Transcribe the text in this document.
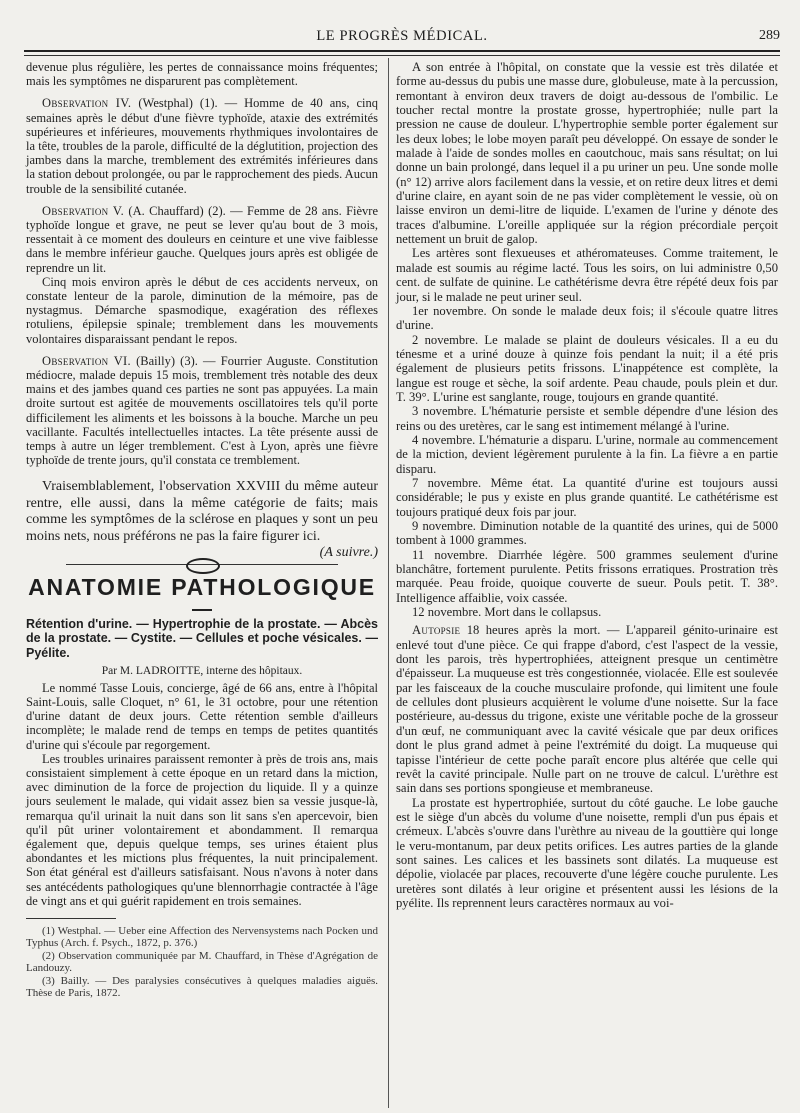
LE PROGRÈS MÉDICAL.	289

devenue plus régulière, les pertes de connaissance moins fréquentes; mais les symptômes ne disparurent pas complètement.

Observation IV. (Westphal) (1). — Homme de 40 ans, cinq semaines après le début d'une fièvre typhoïde, ataxie des extrémités supérieures et inférieures, mouvements rhythmiques involontaires de la tête, troubles de la parole, difficulté de la déglutition, projection des jambes dans la marche, tremblement des extrémités inférieures dans la station debout prolongée, ou par le rapprochement des pieds. Aucun trouble de la sensibilité cutanée.

Observation V. (A. Chauffard) (2). — Femme de 28 ans. Fièvre typhoïde longue et grave, ne peut se lever qu'au bout de 3 mois, ressentait à ce moment des douleurs en ceinture et une vive faiblesse dans le membre inférieur gauche. Quelques jours après est obligée de reprendre un lit.

Cinq mois environ après le début de ces accidents nerveux, on constate lenteur de la parole, diminution de la mémoire, pas de nystagmus. Démarche spasmodique, exagération des réflexes rotuliens, épilepsie spinale; tremblement dans les mouvements volontaires disparaissant pendant le repos.

Observation VI. (Bailly) (3). — Fourrier Auguste. Constitution médiocre, malade depuis 15 mois, tremblement très notable des deux mains et des jambes quand ces parties ne sont pas appuyées. La main droite surtout est agitée de mouvements oscillatoires tels qu'il porte difficilement les aliments et les boissons à la bouche. Marche un peu vacillante. Facultés intellectuelles intactes. La tête présente aussi de temps à autre un léger tremblement. C'est à Lyon, après une fièvre typhoïde de trente jours, qu'il constata ce tremblement.

Vraisemblablement, l'observation XXVIII du même auteur rentre, elle aussi, dans la même catégorie de faits; mais comme les symptômes de la sclérose en plaques y sont un peu moins nets, nous préférons ne pas la faire figurer ici.
(A suivre.)

ANATOMIE PATHOLOGIQUE

Rétention d'urine. — Hypertrophie de la prostate. — Abcès de la prostate. — Cystite. — Cellules et poche vésicales. — Pyélite.

Par M. LADROITTE, interne des hôpitaux.

Le nommé Tasse Louis, concierge, âgé de 66 ans, entre à l'hôpital Saint-Louis, salle Cloquet, n° 61, le 31 octobre, pour une rétention d'urine datant de deux jours. Cette rétention semble d'ailleurs incomplète; le malade rend de temps en temps de petites quantités d'urine qui s'écoule par regorgement.

Les troubles urinaires paraissent remonter à près de trois ans, mais consistaient simplement à cette époque en un retard dans la miction, avec diminution de la force de projection du liquide. Il y a quinze jours seulement le malade, qui vidait assez bien sa vessie jusque-là, remarqua qu'il urinait la nuit dans son lit sans s'en apercevoir, bien qu'il pût uriner volontairement et abondamment. Il remarqua également que, depuis quelque temps, ses urines étaient plus abondantes et les mictions plus fréquentes, la nuit principalement. Son état général est d'ailleurs satisfaisant. Nous n'avons à noter dans ses antécédents pathologiques qu'une blennorrhagie contractée à l'âge de vingt ans et qui guérit rapidement en trois semaines.

(1) Westphal. — Ueber eine Affection des Nervensystems nach Pocken und Typhus (Arch. f. Psych., 1872, p. 376.)

(2) Observation communiquée par M. Chauffard, in Thèse d'Agrégation de Landouzy.

(3) Bailly. — Des paralysies consécutives à quelques maladies aiguës. Thèse de Paris, 1872.

A son entrée à l'hôpital, on constate que la vessie est très dilatée et forme au-dessus du pubis une masse dure, globuleuse, mate à la percussion, remontant à environ deux travers de doigt au-dessous de l'ombilic. Le toucher rectal montre la prostate grosse, hypertrophiée; nulle part la pression ne cause de douleur. L'hypertrophie semble porter également sur les deux lobes; le lobe moyen paraît peu développé. On essaye de sonder le malade à l'aide de sondes molles en caoutchouc, mais sans résultat; on lui donne un bain prolongé, dans lequel il a pu uriner un peu. Une sonde molle (n° 12) arrive alors facilement dans la vessie, et on retire deux litres et demi d'urine claire, en ayant soin de ne pas vider complètement le vessie, où on laisse environ un demi-litre de liquide. L'examen de l'urine y dénote des traces d'albumine. L'oreille appliquée sur la région précordiale perçoit nettement un bruit de galop.

Les artères sont flexueuses et athéromateuses. Comme traitement, le malade est soumis au régime lacté. Tous les soirs, on lui administre 0,50 cent. de sulfate de quinine. Le cathétérisme devra être répété deux fois par jour, si le malade ne peut uriner seul.

1er novembre. On sonde le malade deux fois; il s'écoule quatre litres d'urine.

2 novembre. Le malade se plaint de douleurs vésicales. Il a eu du ténesme et a uriné douze à quinze fois pendant la nuit; il a été pris également de plusieurs petits frissons. L'inappétence est complète, la langue est rouge et sèche, la soif ardente. Peau chaude, pouls plein et dur. T. 39°. L'urine est sanglante, rouge, toujours en grande quantité.

3 novembre. L'hématurie persiste et semble dépendre d'une lésion des reins ou des uretères, car le sang est intimement mélangé à l'urine.

4 novembre. L'hématurie a disparu. L'urine, normale au commencement de la miction, devient légèrement purulente à la fin. La fièvre a en partie disparu.

7 novembre. Même état. La quantité d'urine est toujours aussi considérable; le pus y existe en plus grande quantité. Le cathétérisme est toujours pratiqué deux fois par jour.

9 novembre. Diminution notable de la quantité des urines, qui de 5000 tombent à 1000 grammes.

11 novembre. Diarrhée légère. 500 grammes seulement d'urine blanchâtre, fortement purulente. Petits frissons erratiques. Prostration très marquée. Peau froide, quoique couverte de sueur. Pouls petit. T. 38°. Intelligence affaiblie, voix cassée.

12 novembre. Mort dans le collapsus.

Autopsie 18 heures après la mort. — L'appareil génito-urinaire est enlevé tout d'une pièce. Ce qui frappe d'abord, c'est l'aspect de la vessie, dont les parois, très hypertrophiées, atteignent presque un centimètre d'épaisseur. La muqueuse est très congestionnée, violacée. Elle est soulevée par les faisceaux de la couche musculaire profonde, qui limitent une foule de cellules dont plusieurs acquièrent le volume d'une noisette. Sur la face postérieure, au-dessus du trigone, existe une véritable poche de la grosseur d'un œuf, ne communiquant avec la cavité vésicale que par deux orifices dont le plus grand admet à peine l'extrémité du doigt. La muqueuse qui tapisse l'intérieur de cette poche paraît encore plus altérée que celle qui revêt la cavité principale. Nulle part on ne trouve de calcul. L'urèthre est sain dans ses portions spongieuse et membraneuse.

La prostate est hypertrophiée, surtout du côté gauche. Le lobe gauche est le siège d'un abcès du volume d'une noisette, rempli d'un pus épais et crémeux. L'abcès s'ouvre dans l'urèthre au niveau de la gouttière qui longe le veru-montanum, par deux petits orifices. Les autres parties de la glande sont saines. Les calices et les bassinets sont dilatés. La muqueuse est dépolie, violacée par places, recouverte d'une légère couche purulente. Les uretères sont dilatés à leur origine et présentent aussi les lésions de la pyélite. Ils reprennent leurs caractères normaux au voi-
